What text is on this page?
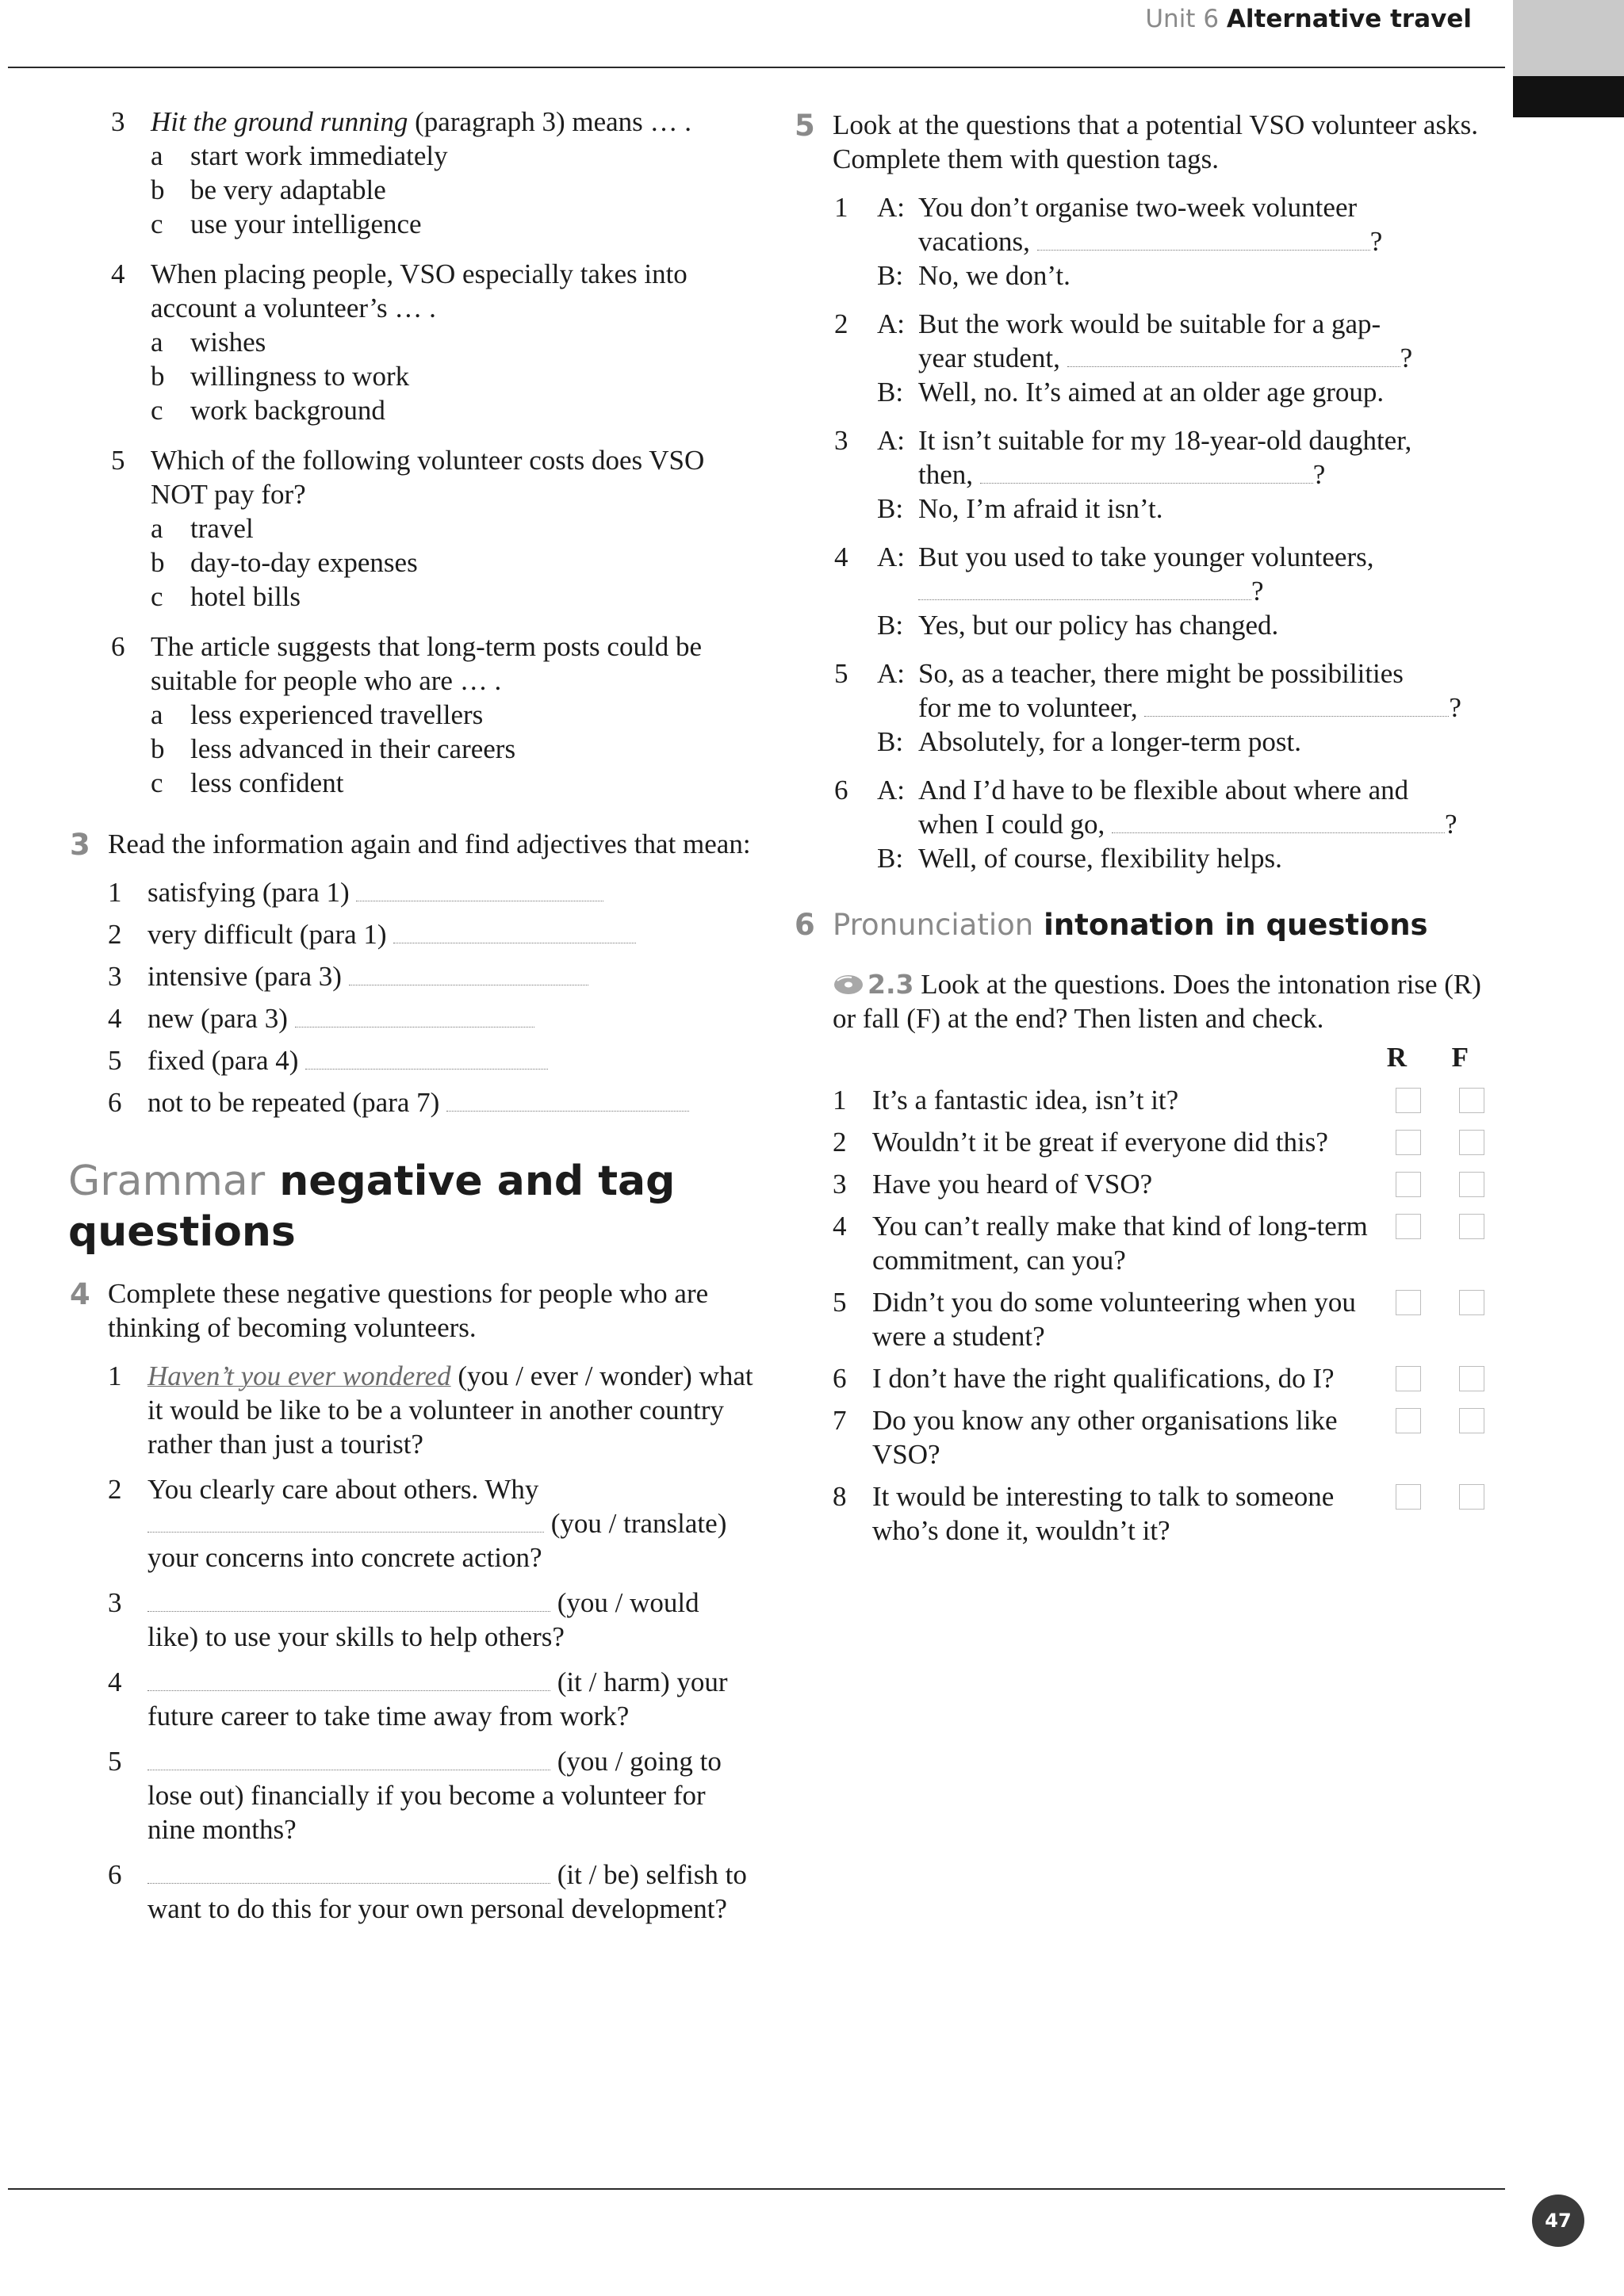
Unit 6 Alternative travel
3 Hit the ground running (paragraph 3) means … .
a start work immediately
b be very adaptable
c use your intelligence
4 When placing people, VSO especially takes into account a volunteer’s … .
a wishes
b willingness to work
c work background
5 Which of the following volunteer costs does VSO NOT pay for?
a travel
b day-to-day expenses
c hotel bills
6 The article suggests that long-term posts could be suitable for people who are … .
a less experienced travellers
b less advanced in their careers
c less confident
3 Read the information again and find adjectives that mean:
1 satisfying (para 1)
2 very difficult (para 1)
3 intensive (para 3)
4 new (para 3)
5 fixed (para 4)
6 not to be repeated (para 7)
Grammar negative and tag questions
4 Complete these negative questions for people who are thinking of becoming volunteers.
1 Haven’t you ever wondered (you / ever / wonder) what it would be like to be a volunteer in another country rather than just a tourist?
2 You clearly care about others. Why  (you / translate) your concerns into concrete action?
3	(you / would like) to use your skills to help others?
4	(it / harm) your future career to take time away from work?
5	(you / going to lose out) financially if you become a volunteer for nine months?
6	(it / be) selfish to want to do this for your own personal development?
5 Look at the questions that a potential VSO volunteer asks. Complete them with question tags.
1 A: You don’t organise two-week volunteer
vacations,	?
B: No, we don’t.
2 A: But the work would be suitable for a gap-
year student,	?
B: Well, no. It’s aimed at an older age group.
3 A: It isn’t suitable for my 18-year-old daughter,
then,	?
B: No, I’m afraid it isn’t.
4 A: But you used to take younger volunteers,
?
B: Yes, but our policy has changed.
5 A: So, as a teacher, there might be possibilities
for me to volunteer,	?
B: Absolutely, for a longer-term post.
6 A: And I’d have to be flexible about where and
when I could go,	?
B: Well, of course, flexibility helps.
6 Pronunciation intonation in questions
2.3 Look at the questions. Does the intonation rise (R) or fall (F) at the end? Then listen and check.
R F
1 It’s a fantastic idea, isn’t it?
2 Wouldn’t it be great if everyone did this?
3 Have you heard of VSO?
4 You can’t really make that kind of long-term commitment, can you?
5 Didn’t you do some volunteering when you were a student?
6 I don’t have the right qualifications, do I?
7 Do you know any other organisations like VSO?
8 It would be interesting to talk to someone who’s done it, wouldn’t it?
47
